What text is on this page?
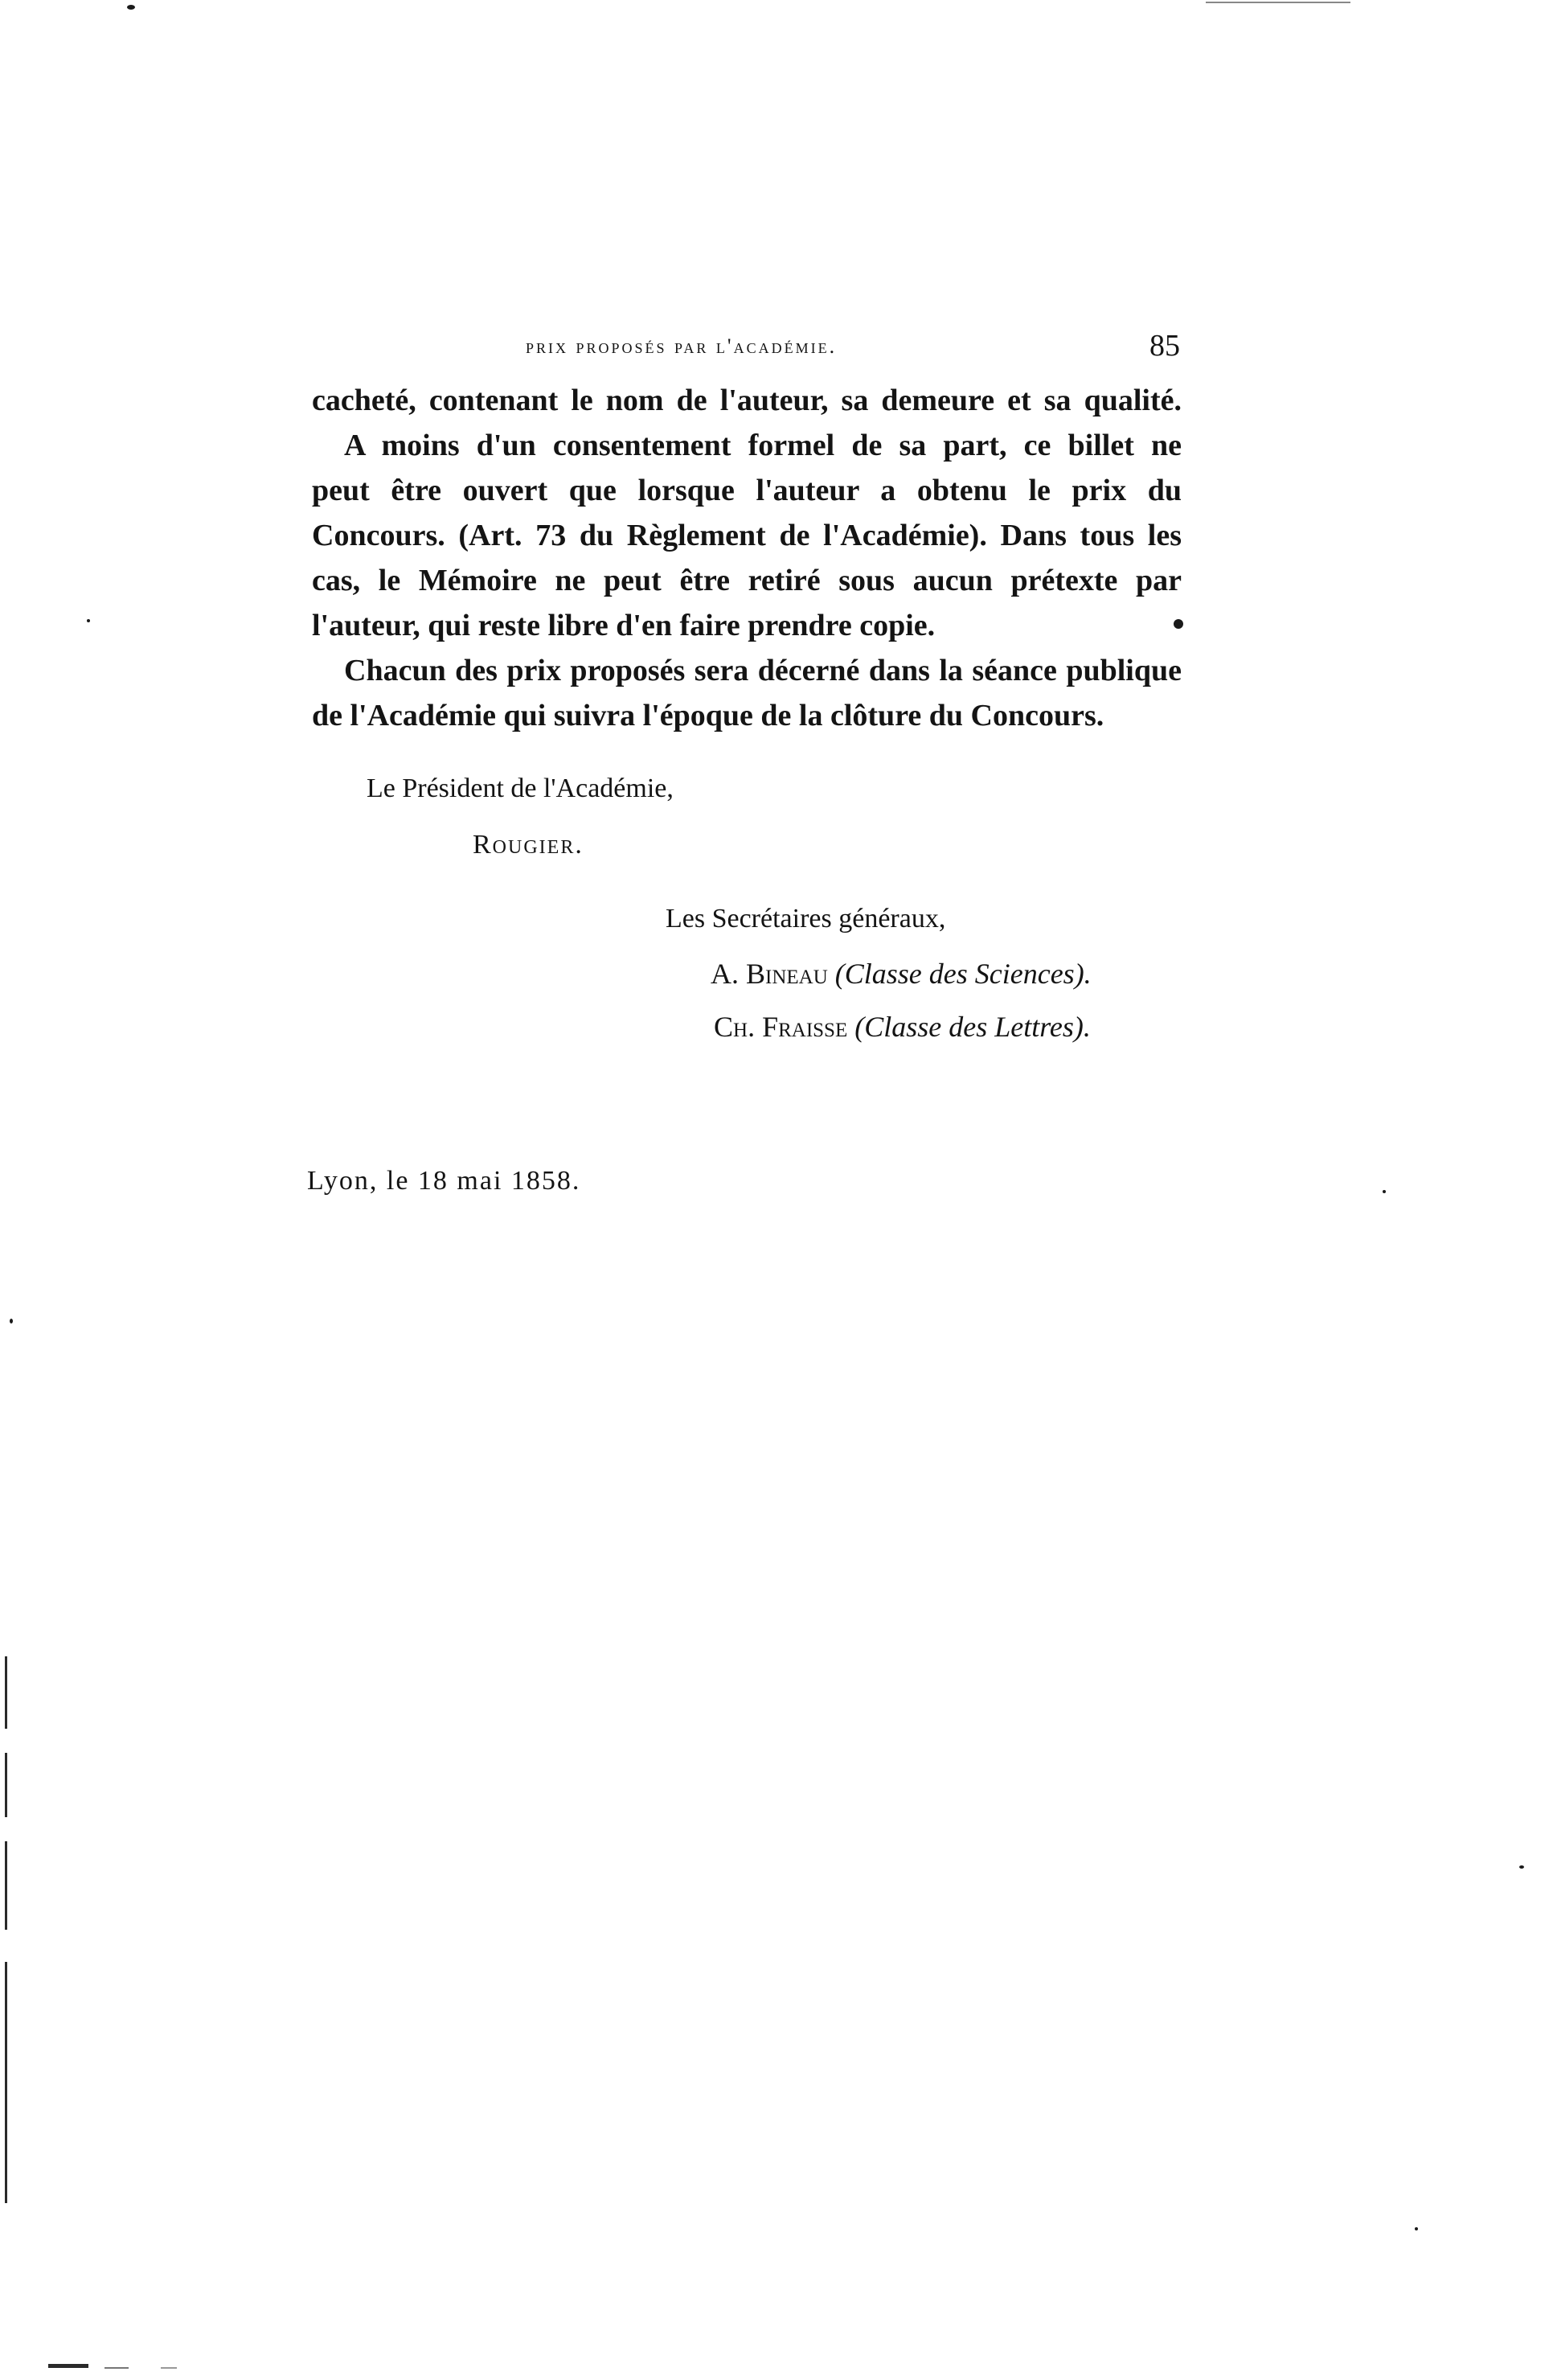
prix proposés par l'académie.	85
cacheté, contenant le nom de l'auteur, sa demeure et sa qualité.
A moins d'un consentement formel de sa part, ce billet ne
peut être ouvert que lorsque l'auteur a obtenu le prix du
Concours. (Art. 73 du Règlement de l'Académie). Dans tous les
cas, le Mémoire ne peut être retiré sous aucun prétexte par
l'auteur, qui reste libre d'en faire prendre copie.
Chacun des prix proposés sera décerné dans la séance publique
de l'Académie qui suivra l'époque de la clôture du Concours.
Le Président de l'Académie,
Rougier.
Les Secrétaires généraux,
A. Bineau (Classe des Sciences).
Ch. Fraisse (Classe des Lettres).
Lyon, le 18 mai 1858.
